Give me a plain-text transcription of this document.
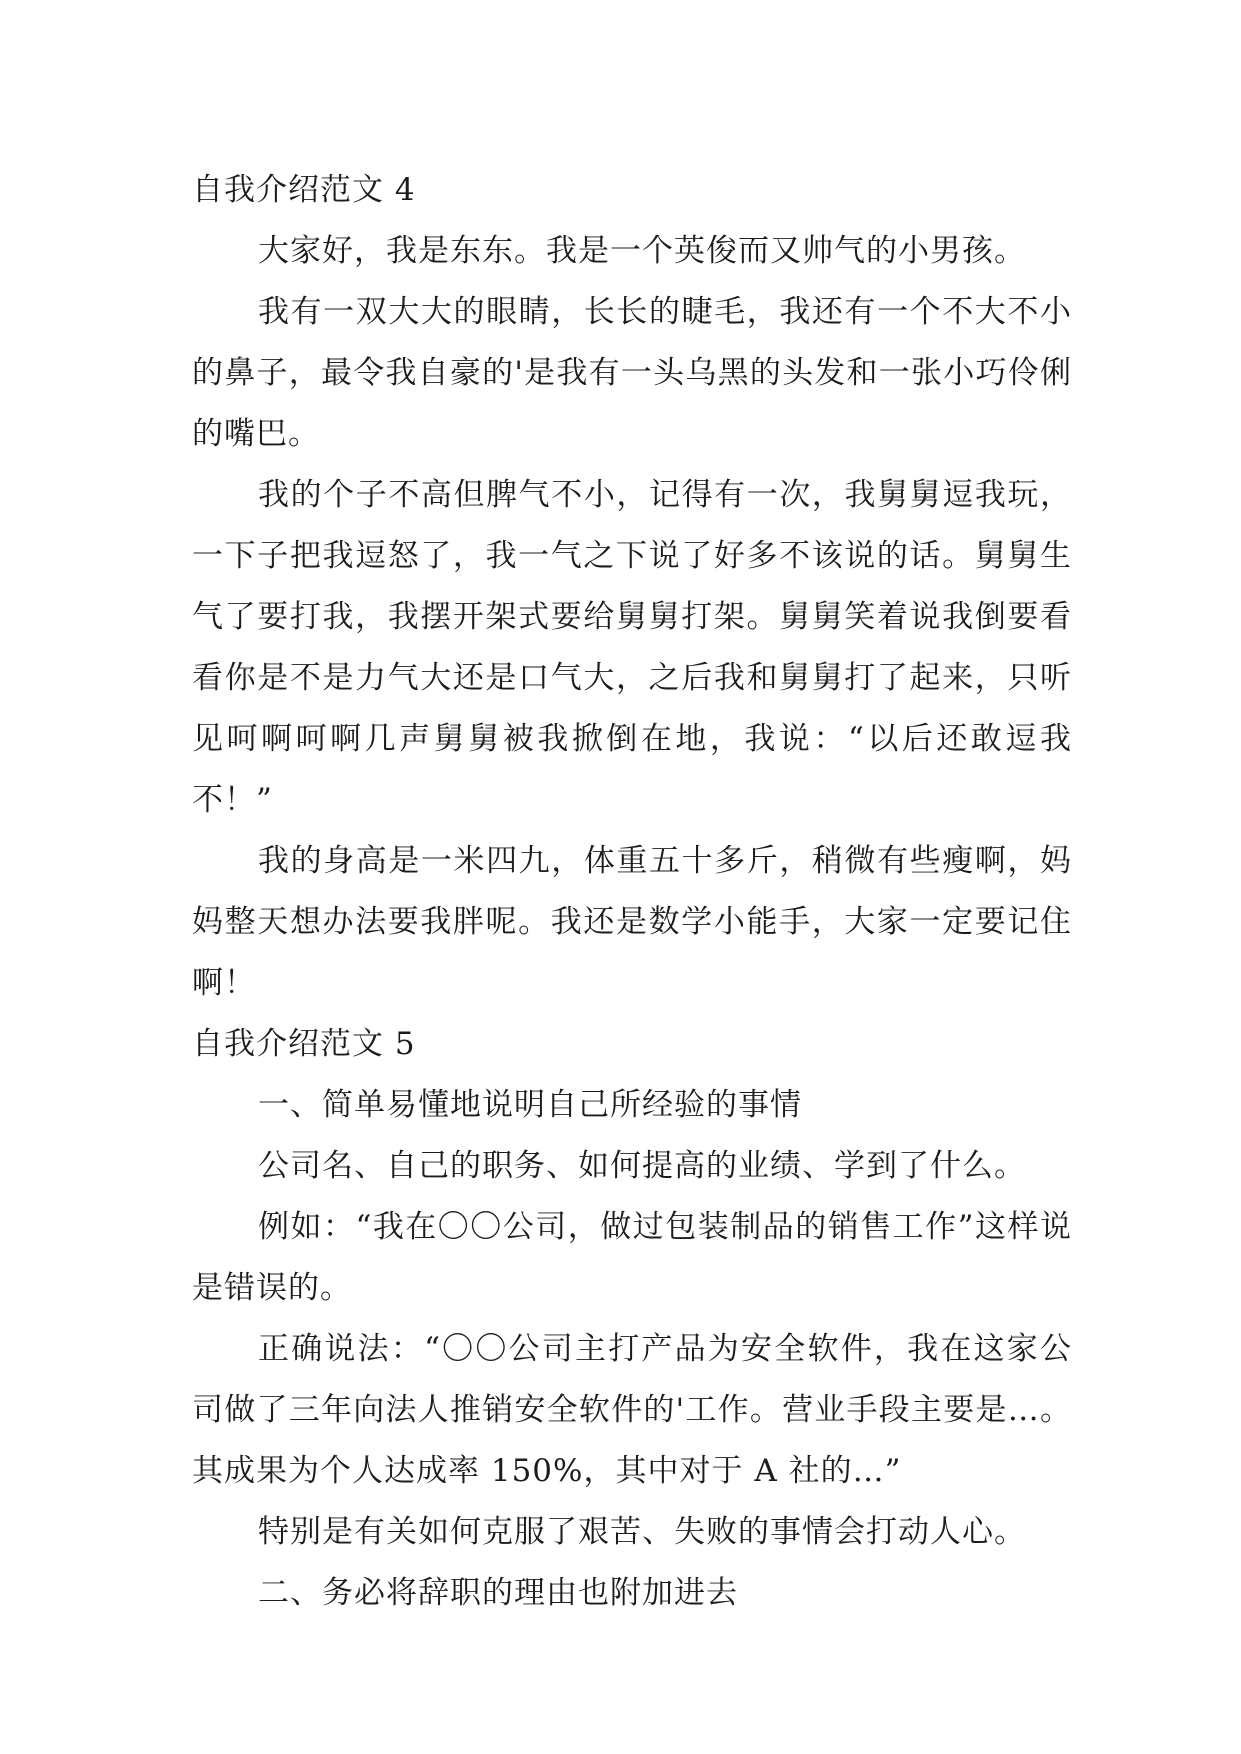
自我介绍范文 4

大家好，我是东东。我是一个英俊而又帅气的小男孩。

我有一双大大的眼睛，长长的睫毛，我还有一个不大不小的鼻子，最令我自豪的'是我有一头乌黑的头发和一张小巧伶俐的嘴巴。

我的个子不高但脾气不小，记得有一次，我舅舅逗我玩，一下子把我逗怒了，我一气之下说了好多不该说的话。舅舅生气了要打我，我摆开架式要给舅舅打架。舅舅笑着说我倒要看看你是不是力气大还是口气大，之后我和舅舅打了起来，只听见呵啊呵啊几声舅舅被我掀倒在地，我说：“以后还敢逗我不！”

我的身高是一米四九，体重五十多斤，稍微有些瘦啊，妈妈整天想办法要我胖呢。我还是数学小能手，大家一定要记住啊！

自我介绍范文 5

一、简单易懂地说明自己所经验的事情

公司名、自己的职务、如何提高的业绩、学到了什么。

例如：“我在〇〇公司，做过包装制品的销售工作”这样说是错误的。

正确说法：“〇〇公司主打产品为安全软件，我在这家公司做了三年向法人推销安全软件的'工作。营业手段主要是…。其成果为个人达成率 150%，其中对于 A 社的…”

特别是有关如何克服了艰苦、失败的事情会打动人心。

二、务必将辞职的理由也附加进去
